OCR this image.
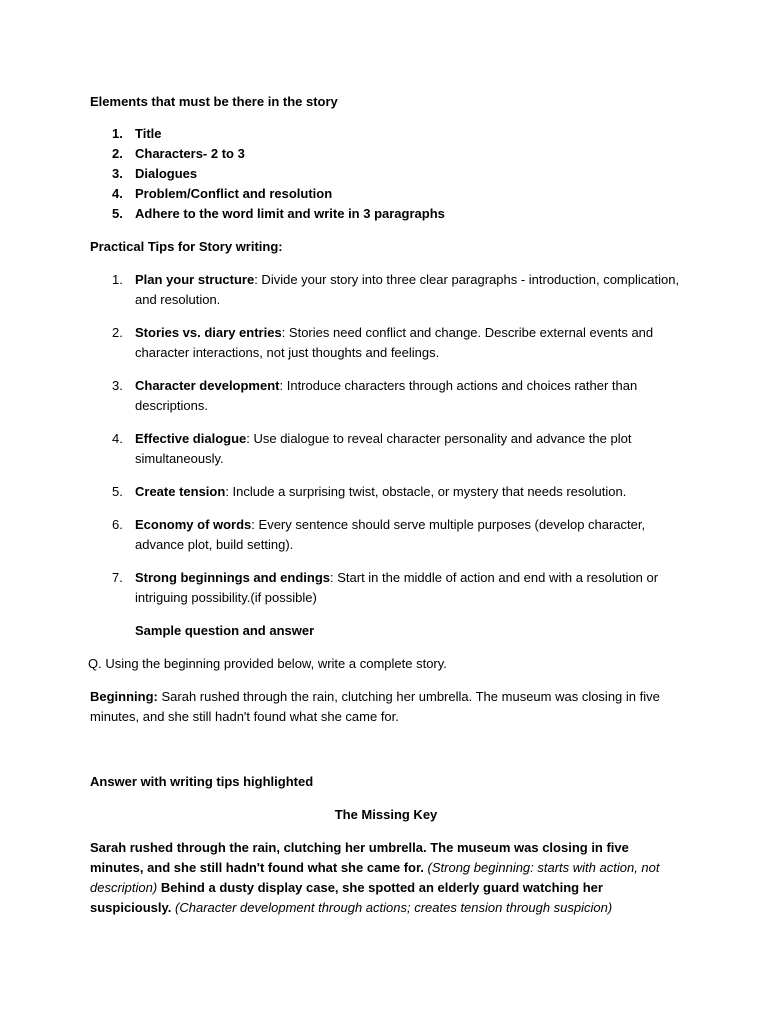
Elements that must be there in the story

1. Title
2. Characters- 2 to 3
3. Dialogues
4. Problem/Conflict and resolution
5. Adhere to the word limit and write in 3 paragraphs

Practical Tips for Story writing:

1. Plan your structure: Divide your story into three clear paragraphs - introduction, complication, and resolution.
2. Stories vs. diary entries: Stories need conflict and change. Describe external events and character interactions, not just thoughts and feelings.
3. Character development: Introduce characters through actions and choices rather than descriptions.
4. Effective dialogue: Use dialogue to reveal character personality and advance the plot simultaneously.
5. Create tension: Include a surprising twist, obstacle, or mystery that needs resolution.
6. Economy of words: Every sentence should serve multiple purposes (develop character, advance plot, build setting).
7. Strong beginnings and endings: Start in the middle of action and end with a resolution or intriguing possibility.(if possible)

Sample question and answer

Q. Using the beginning provided below, write a complete story.

Beginning: Sarah rushed through the rain, clutching her umbrella. The museum was closing in five minutes, and she still hadn't found what she came for.

Answer with writing tips highlighted

The Missing Key

Sarah rushed through the rain, clutching her umbrella. The museum was closing in five minutes, and she still hadn't found what she came for. (Strong beginning: starts with action, not description) Behind a dusty display case, she spotted an elderly guard watching her suspiciously. (Character development through actions; creates tension through suspicion)
